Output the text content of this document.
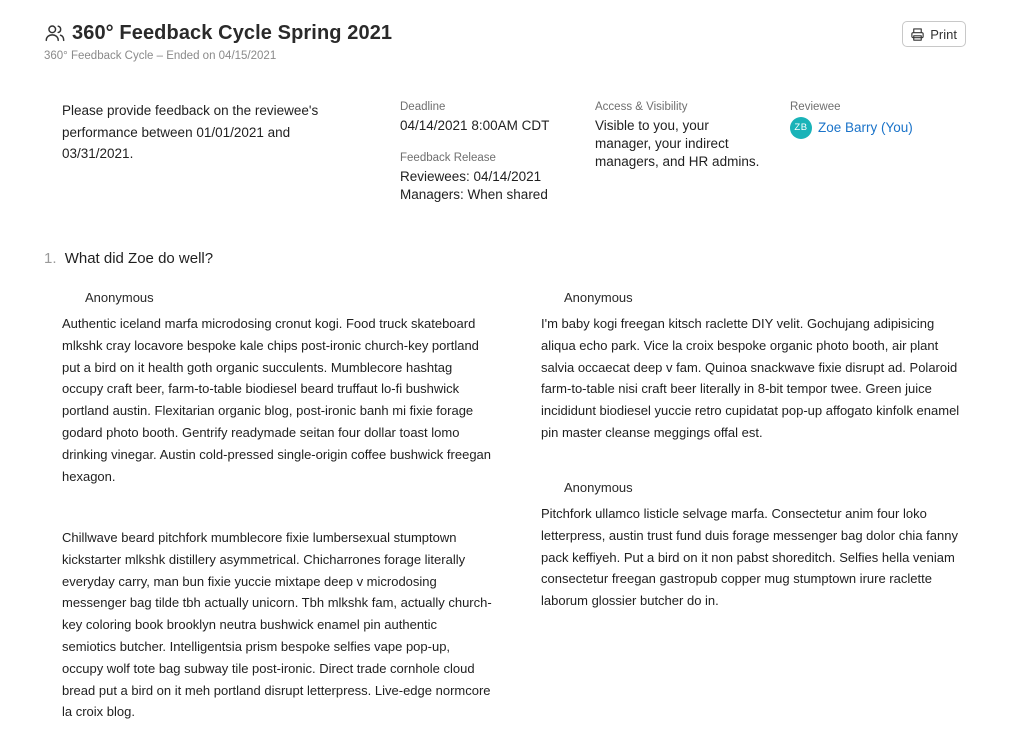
360° Feedback Cycle Spring 2021
360° Feedback Cycle – Ended on 04/15/2021
Print

Please provide feedback on the reviewee's performance between 01/01/2021 and 03/31/2021.

Deadline
04/14/2021 8:00AM CDT
Feedback Release
Reviewees: 04/14/2021
Managers: When shared
Access & Visibility
Visible to you, your manager, your indirect managers, and HR admins.
Reviewee
ZB Zoe Barry (You)
1. What did Zoe do well?
Anonymous
Authentic iceland marfa microdosing cronut kogi. Food truck skateboard mlkshk cray locavore bespoke kale chips post-ironic church-key portland put a bird on it health goth organic succulents. Mumblecore hashtag occupy craft beer, farm-to-table biodiesel beard truffaut lo-fi bushwick portland austin. Flexitarian organic blog, post-ironic banh mi fixie forage godard photo booth. Gentrify readymade seitan four dollar toast lomo drinking vinegar. Austin cold-pressed single-origin coffee bushwick freegan hexagon.
Chillwave beard pitchfork mumblecore fixie lumbersexual stumptown kickstarter mlkshk distillery asymmetrical. Chicharrones forage literally everyday carry, man bun fixie yuccie mixtape deep v microdosing messenger bag tilde tbh actually unicorn. Tbh mlkshk fam, actually church-key coloring book brooklyn neutra bushwick enamel pin authentic semiotics butcher. Intelligentsia prism bespoke selfies vape pop-up, occupy wolf tote bag subway tile post-ironic. Direct trade cornhole cloud bread put a bird on it meh portland disrupt letterpress. Live-edge normcore la croix blog.
Anonymous
I'm baby kogi freegan kitsch raclette DIY velit. Gochujang adipisicing aliqua echo park. Vice la croix bespoke organic photo booth, air plant salvia occaecat deep v fam. Quinoa snackwave fixie disrupt ad. Polaroid farm-to-table nisi craft beer literally in 8-bit tempor twee. Green juice incididunt biodiesel yuccie retro cupidatat pop-up affogato kinfolk enamel pin master cleanse meggings offal est.
Anonymous
Pitchfork ullamco listicle selvage marfa. Consectetur anim four loko letterpress, austin trust fund duis forage messenger bag dolor chia fanny pack keffiyeh. Put a bird on it non pabst shoreditch. Selfies hella veniam consectetur freegan gastropub copper mug stumptown irure raclette laborum glossier butcher do in.
